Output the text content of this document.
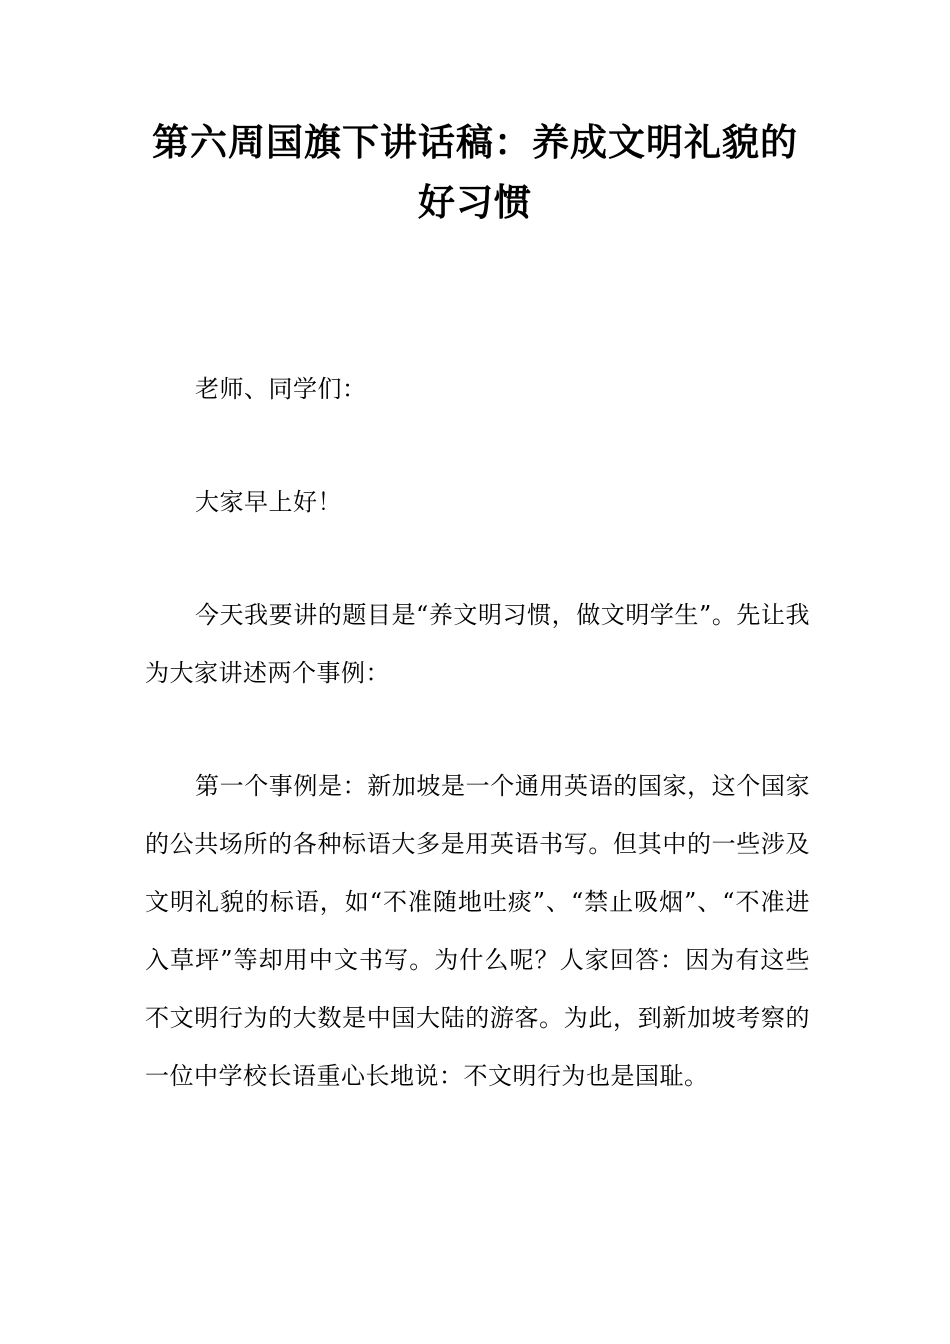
第六周国旗下讲话稿：养成文明礼貌的好习惯

老师、同学们：

大家早上好！

今天我要讲的题目是“养文明习惯，做文明学生”。先让我为大家讲述两个事例：

第一个事例是：新加坡是一个通用英语的国家，这个国家的公共场所的各种标语大多是用英语书写。但其中的一些涉及文明礼貌的标语，如“不准随地吐痰”、“禁止吸烟”、“不准进入草坪”等却用中文书写。为什么呢？人家回答：因为有这些不文明行为的大数是中国大陆的游客。为此，到新加坡考察的一位中学校长语重心长地说：不文明行为也是国耻。
